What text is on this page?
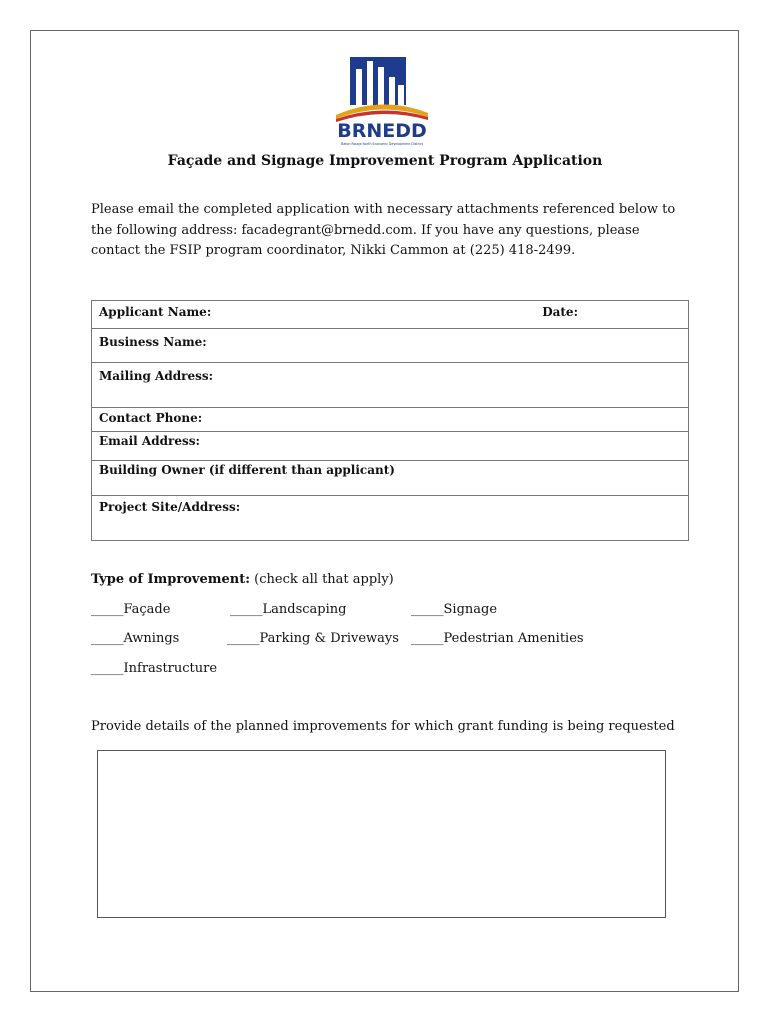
BRNEDD
Baton Rouge North Economic Development District
Façade and Signage Improvement Program Application
Please email the completed application with necessary attachments referenced below to the following address: facadegrant@brnedd.com. If you have any questions, please contact the FSIP program coordinator, Nikki Cammon at (225) 418-2499.
Applicant Name:	Date:

Business Name:

Mailing Address:

Contact Phone:

Email Address:

Building Owner (if different than applicant)

Project Site/Address:
Type of Improvement: (check all that apply)
_____Façade	_____Landscaping	_____Signage
_____Awnings	_____Parking & Driveways _____Pedestrian Amenities
_____Infrastructure
Provide details of the planned improvements for which grant funding is being requested
